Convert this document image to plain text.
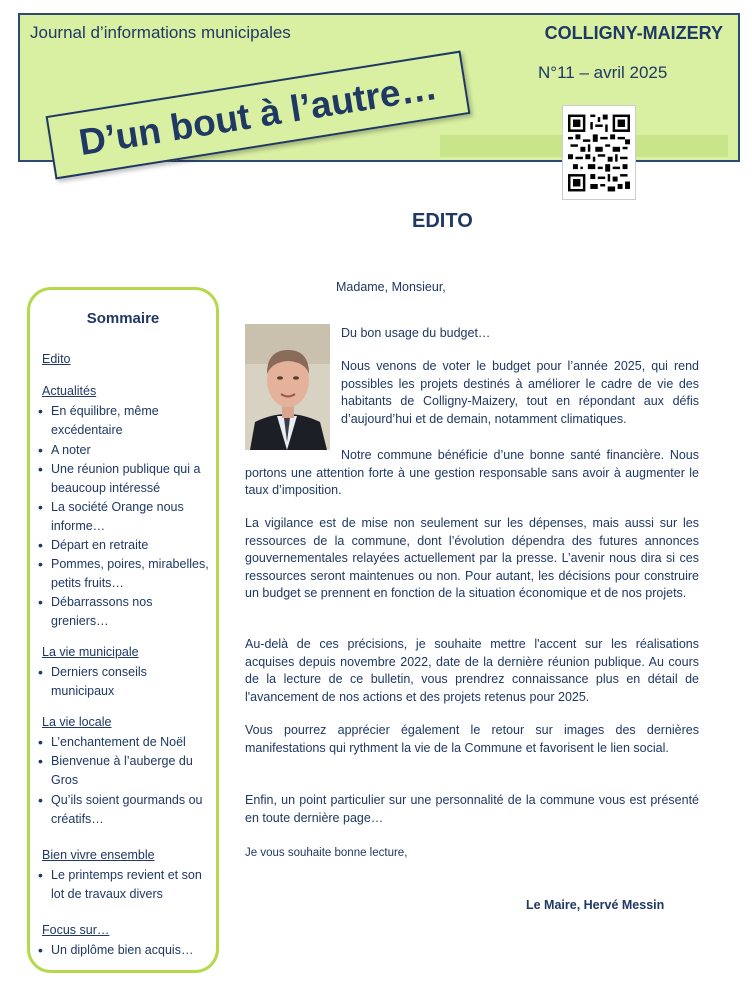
Journal d’informations municipales	COLLIGNY-MAIZERY
N°11 – avril 2025
D’un bout à l’autre…
EDITO
Sommaire
Edito
Actualités
• En équilibre, même excédentaire
• A noter
• Une réunion publique qui a beaucoup intéressé
• La société Orange nous informe…
• Départ en retraite
• Pommes, poires, mirabelles, petits fruits…
• Débarrassons nos greniers…
La vie municipale
• Derniers conseils municipaux
La vie locale
• L’enchantement de Noël
• Bienvenue à l’auberge du Gros
• Qu’ils soient gourmands ou créatifs…
Bien vivre ensemble
• Le printemps revient et son lot de travaux divers
Focus sur…
• Un diplôme bien acquis…
Madame, Monsieur,
Du bon usage du budget…
Nous venons de voter le budget pour l’année 2025, qui rend possibles les projets destinés à améliorer le cadre de vie des habitants de Colligny-Maizery, tout en répondant aux défis d’aujourd’hui et de demain, notamment climatiques.
Notre commune bénéficie d’une bonne santé financière. Nous portons une attention forte à une gestion responsable sans avoir à augmenter le taux d’imposition.
La vigilance est de mise non seulement sur les dépenses, mais aussi sur les ressources de la commune, dont l’évolution dépendra des futures annonces gouvernementales relayées actuellement par la presse. L’avenir nous dira si ces ressources seront maintenues ou non. Pour autant, les décisions pour construire un budget se prennent en fonction de la situation économique et de nos projets.
Au-delà de ces précisions, je souhaite mettre l'accent sur les réalisations acquises depuis novembre 2022, date de la dernière réunion publique. Au cours de la lecture de ce bulletin, vous prendrez connaissance plus en détail de l'avancement de nos actions et des projets retenus pour 2025.
Vous pourrez apprécier également le retour sur images des dernières manifestations qui rythment la vie de la Commune et favorisent le lien social.
Enfin, un point particulier sur une personnalité de la commune vous est présenté en toute dernière page…
Je vous souhaite bonne lecture,
Le Maire, Hervé Messin
